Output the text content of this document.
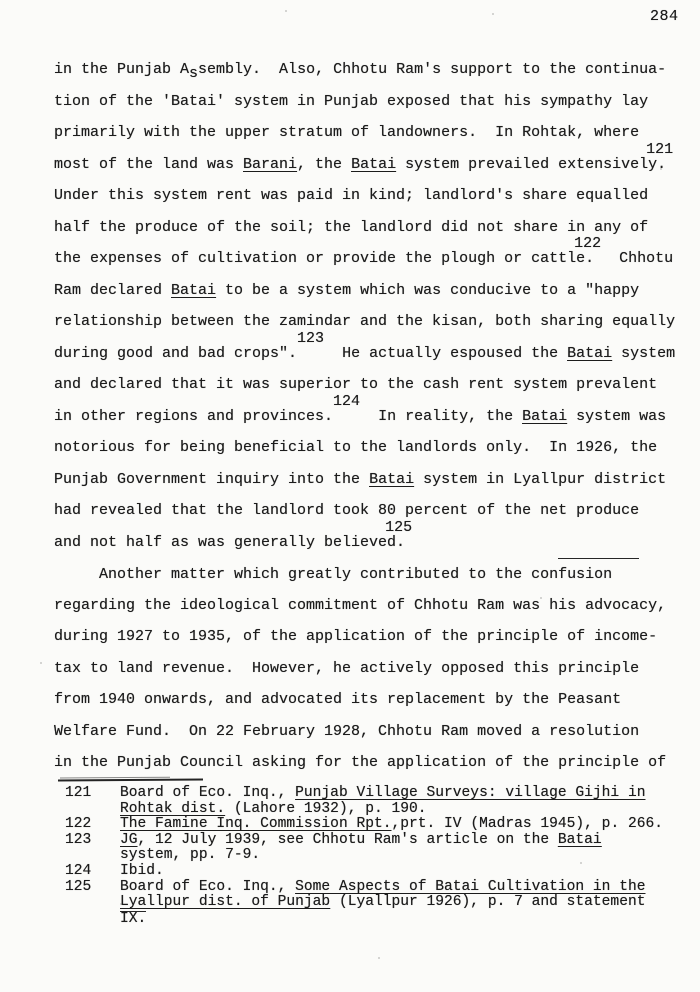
284
in the Punjab Assembly.  Also, Chhotu Ram's support to the continua-
tion of the 'Batai' system in Punjab exposed that his sympathy lay
primarily with the upper stratum of landowners.  In Rohtak, where
most of the land was Barani, the Batai system prevailed extensively.121
Under this system rent was paid in kind; landlord's share equalled
half the produce of the soil; the landlord did not share in any of
the expenses of cultivation or provide the plough or cattle.122  Chhotu
Ram declared Batai to be a system which was conducive to a "happy
relationship between the zamindar and the kisan, both sharing equally
during good and bad crops".123  He actually espoused the Batai system
and declared that it was superior to the cash rent system prevalent
in other regions and provinces.124  In reality, the Batai system was
notorious for being beneficial to the landlords only.  In 1926, the
Punjab Government inquiry into the Batai system in Lyallpur district
had revealed that the landlord took 80 percent of the net produce
and not half as was generally believed.125
Another matter which greatly contributed to the confusion
regarding the ideological commitment of Chhotu Ram was his advocacy,
during 1927 to 1935, of the application of the principle of income-
tax to land revenue.  However, he actively opposed this principle
from 1940 onwards, and advocated its replacement by the Peasant
Welfare Fund.  On 22 February 1928, Chhotu Ram moved a resolution
in the Punjab Council asking for the application of the principle of
121	Board of Eco. Inq., Punjab Village Surveys: village Gijhi in
Rohtak dist. (Lahore 1932), p. 190.
122	The Famine Inq. Commission Rpt.,prt. IV (Madras 1945), p. 266.
123	JG, 12 July 1939, see Chhotu Ram's article on the Batai
system, pp. 7-9.
124	Ibid.
125	Board of Eco. Inq., Some Aspects of Batai Cultivation in the
Lyallpur dist. of Punjab (Lyallpur 1926), p. 7 and statement
IX.
